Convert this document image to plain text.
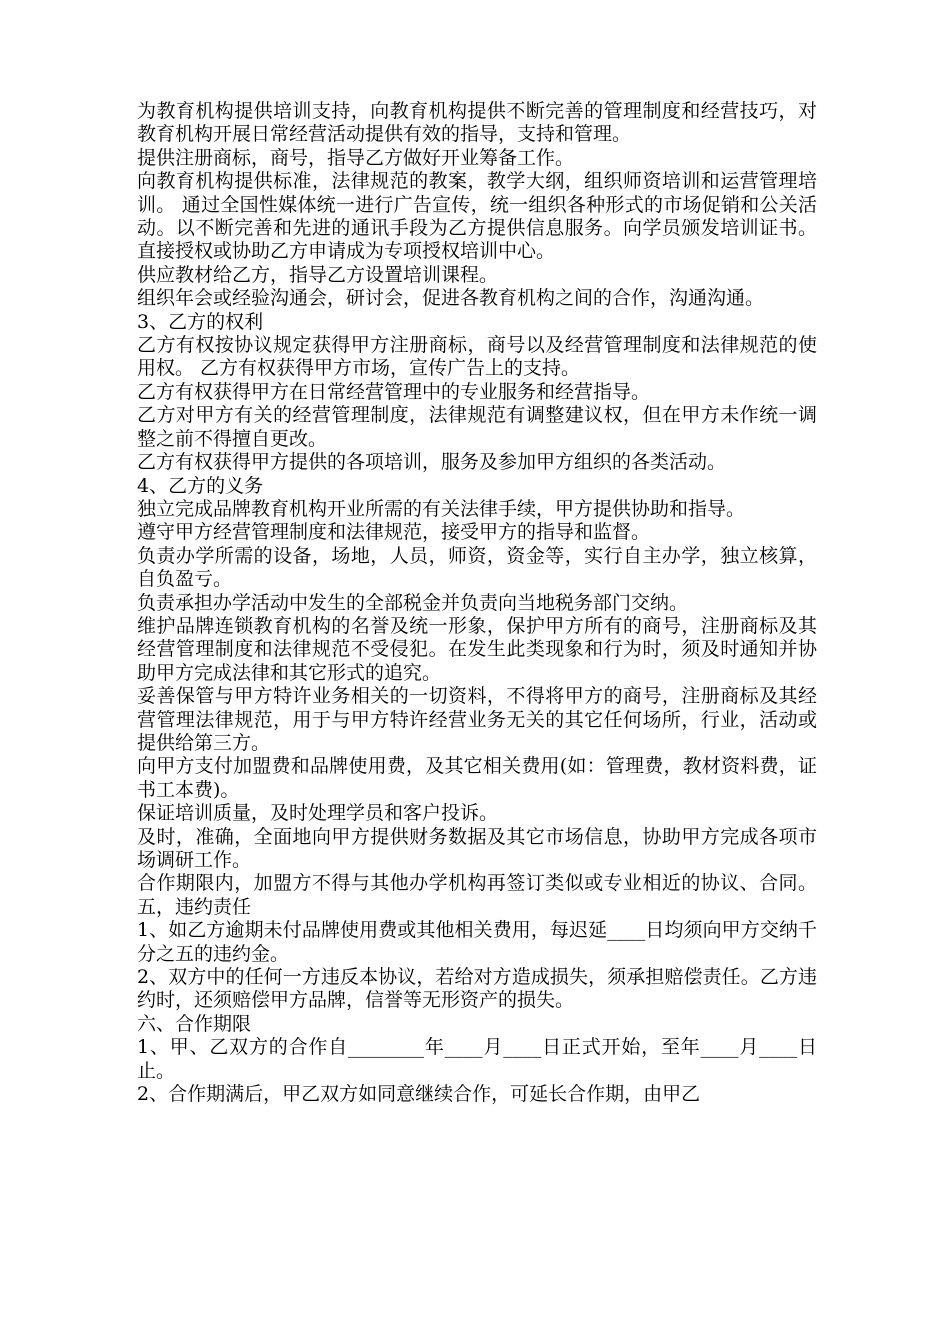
为教育机构提供培训支持，向教育机构提供不断完善的管理制度和经营技巧，对教育机构开展日常经营活动提供有效的指导，支持和管理。

提供注册商标，商号，指导乙方做好开业筹备工作。

向教育机构提供标准，法律规范的教案，教学大纲，组织师资培训和运营管理培训。 通过全国性媒体统一进行广告宣传，统一组织各种形式的市场促销和公关活动。以不断完善和先进的通讯手段为乙方提供信息服务。向学员颁发培训证书。直接授权或协助乙方申请成为专项授权培训中心。

供应教材给乙方，指导乙方设置培训课程。

组织年会或经验沟通会，研讨会，促进各教育机构之间的合作，沟通沟通。

3、乙方的权利

乙方有权按协议规定获得甲方注册商标，商号以及经营管理制度和法律规范的使用权。 乙方有权获得甲方市场，宣传广告上的支持。

乙方有权获得甲方在日常经营管理中的专业服务和经营指导。

乙方对甲方有关的经营管理制度，法律规范有调整建议权，但在甲方未作统一调整之前不得擅自更改。

乙方有权获得甲方提供的各项培训，服务及参加甲方组织的各类活动。

4、乙方的义务

独立完成品牌教育机构开业所需的有关法律手续，甲方提供协助和指导。

遵守甲方经营管理制度和法律规范，接受甲方的指导和监督。

负责办学所需的设备，场地，人员，师资，资金等，实行自主办学，独立核算，自负盈亏。

负责承担办学活动中发生的全部税金并负责向当地税务部门交纳。

维护品牌连锁教育机构的名誉及统一形象，保护甲方所有的商号，注册商标及其经营管理制度和法律规范不受侵犯。在发生此类现象和行为时，须及时通知并协助甲方完成法律和其它形式的追究。

妥善保管与甲方特许业务相关的一切资料，不得将甲方的商号，注册商标及其经营管理法律规范，用于与甲方特许经营业务无关的其它任何场所，行业，活动或提供给第三方。

向甲方支付加盟费和品牌使用费，及其它相关费用(如：管理费，教材资料费，证书工本费)。

保证培训质量，及时处理学员和客户投诉。

及时，准确，全面地向甲方提供财务数据及其它市场信息，协助甲方完成各项市场调研工作。

合作期限内，加盟方不得与其他办学机构再签订类似或专业相近的协议、合同。 五，违约责任

1、如乙方逾期未付品牌使用费或其他相关费用，每迟延____日均须向甲方交纳千分之五的违约金。

2、双方中的任何一方违反本协议，若给对方造成损失，须承担赔偿责任。乙方违约时，还须赔偿甲方品牌，信誉等无形资产的损失。

六、合作期限

1、甲、乙双方的合作自________年____月____日正式开始，至年____月____日止。

2、合作期满后，甲乙双方如同意继续合作，可延长合作期，由甲乙
